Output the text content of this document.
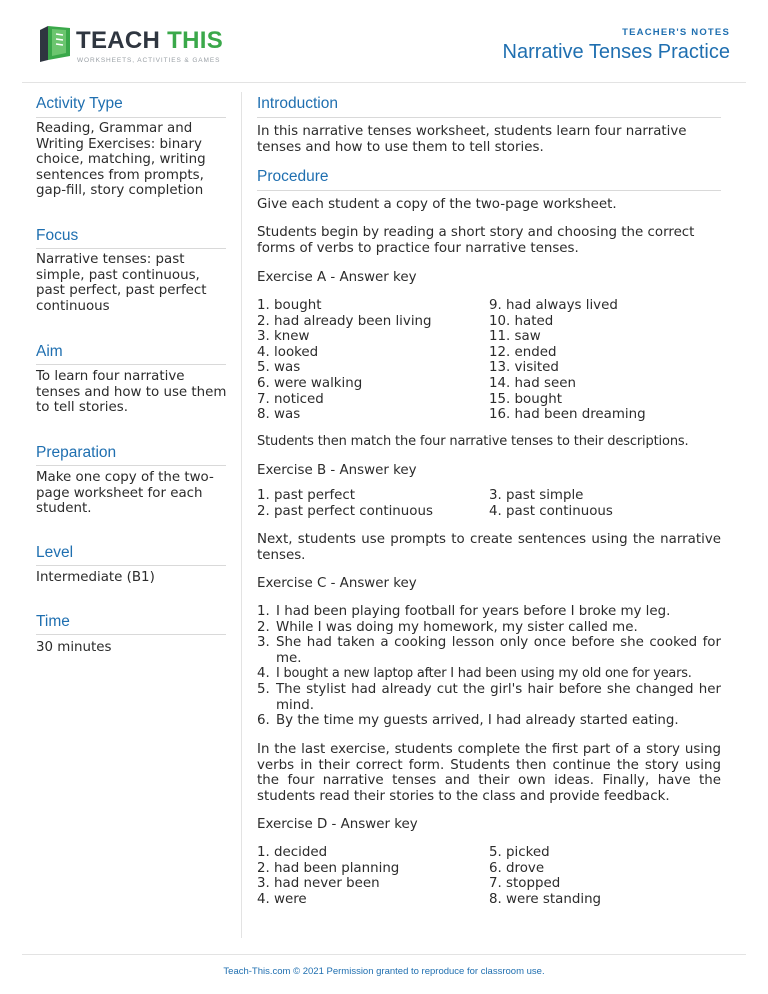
TEACH THIS
WORKSHEETS, ACTIVITIES & GAMES
TEACHER'S NOTES
Narrative Tenses Practice
Activity Type
Reading, Grammar and Writing Exercises: binary choice, matching, writing sentences from prompts, gap-fill, story completion
Focus
Narrative tenses: past simple, past continuous, past perfect, past perfect continuous
Aim
To learn four narrative tenses and how to use them to tell stories.
Preparation
Make one copy of the two-page worksheet for each student.
Level
Intermediate (B1)
Time
30 minutes
Introduction
In this narrative tenses worksheet, students learn four narrative tenses and how to use them to tell stories.
Procedure
Give each student a copy of the two-page worksheet.
Students begin by reading a short story and choosing the correct forms of verbs to practice four narrative tenses.
Exercise A - Answer key
1. bought
2. had already been living
3. knew
4. looked
5. was
6. were walking
7. noticed
8. was
9. had always lived
10. hated
11. saw
12. ended
13. visited
14. had seen
15. bought
16. had been dreaming
Students then match the four narrative tenses to their descriptions.
Exercise B - Answer key
1. past perfect
2. past perfect continuous
3. past simple
4. past continuous
Next, students use prompts to create sentences using the narrative tenses.
Exercise C - Answer key
1. I had been playing football for years before I broke my leg.
2. While I was doing my homework, my sister called me.
3. She had taken a cooking lesson only once before she cooked for me.
4. I bought a new laptop after I had been using my old one for years.
5. The stylist had already cut the girl's hair before she changed her mind.
6. By the time my guests arrived, I had already started eating.
In the last exercise, students complete the first part of a story using verbs in their correct form. Students then continue the story using the four narrative tenses and their own ideas. Finally, have the students read their stories to the class and provide feedback.
Exercise D - Answer key
1. decided
2. had been planning
3. had never been
4. were
5. picked
6. drove
7. stopped
8. were standing
Teach-This.com © 2021 Permission granted to reproduce for classroom use.
